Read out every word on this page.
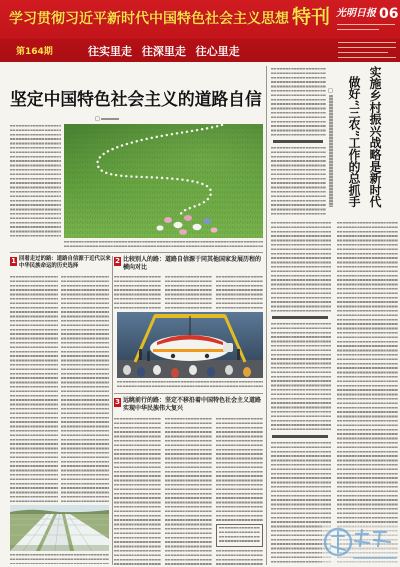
学习贯彻习近平新时代中国特色社会主义思想 特刊 光明日报 06
第164期	往实里走 往深里走 往心里走
坚定中国特色社会主义的道路自信
□
1 回看走过的路：道路自信源于近代以来中华民族命运的历史选择
2 比较别人的路：道路自信源于同其他国家发展历程的横向对比
3 远眺前行的路：坚定不移沿着中国特色社会主义道路实现中华民族伟大复兴
□	实施乡村振兴战略是新时代
做好“三农”工作的总抓手
